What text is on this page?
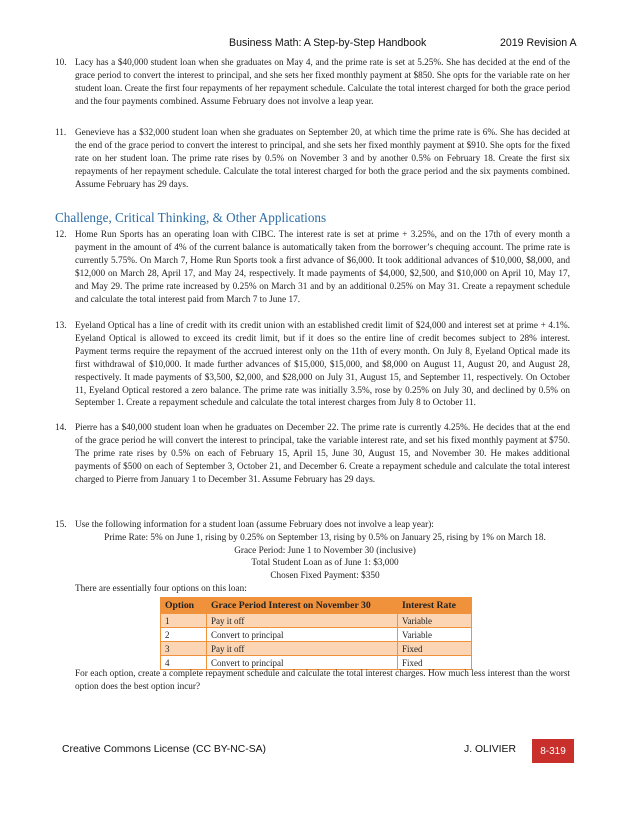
Business Math: A Step-by-Step Handbook	2019 Revision A
10. Lacy has a $40,000 student loan when she graduates on May 4, and the prime rate is set at 5.25%. She has decided at the end of the grace period to convert the interest to principal, and she sets her fixed monthly payment at $850. She opts for the variable rate on her student loan. Create the first four repayments of her repayment schedule. Calculate the total interest charged for both the grace period and the four payments combined. Assume February does not involve a leap year.
11. Genevieve has a $32,000 student loan when she graduates on September 20, at which time the prime rate is 6%. She has decided at the end of the grace period to convert the interest to principal, and she sets her fixed monthly payment at $910. She opts for the fixed rate on her student loan. The prime rate rises by 0.5% on November 3 and by another 0.5% on February 18. Create the first six repayments of her repayment schedule. Calculate the total interest charged for both the grace period and the six payments combined. Assume February has 29 days.
Challenge, Critical Thinking, & Other Applications
12. Home Run Sports has an operating loan with CIBC. The interest rate is set at prime + 3.25%, and on the 17th of every month a payment in the amount of 4% of the current balance is automatically taken from the borrower’s chequing account. The prime rate is currently 5.75%. On March 7, Home Run Sports took a first advance of $6,000. It took additional advances of $10,000, $8,000, and $12,000 on March 28, April 17, and May 24, respectively. It made payments of $4,000, $2,500, and $10,000 on April 10, May 17, and May 29. The prime rate increased by 0.25% on March 31 and by an additional 0.25% on May 31. Create a repayment schedule and calculate the total interest paid from March 7 to June 17.
13. Eyeland Optical has a line of credit with its credit union with an established credit limit of $24,000 and interest set at prime + 4.1%. Eyeland Optical is allowed to exceed its credit limit, but if it does so the entire line of credit becomes subject to 28% interest. Payment terms require the repayment of the accrued interest only on the 11th of every month. On July 8, Eyeland Optical made its first withdrawal of $10,000. It made further advances of $15,000, $15,000, and $8,000 on August 11, August 20, and August 28, respectively. It made payments of $3,500, $2,000, and $28,000 on July 31, August 15, and September 11, respectively. On October 11, Eyeland Optical restored a zero balance. The prime rate was initially 3.5%, rose by 0.25% on July 30, and declined by 0.5% on September 1. Create a repayment schedule and calculate the total interest charges from July 8 to October 11.
14. Pierre has a $40,000 student loan when he graduates on December 22. The prime rate is currently 4.25%. He decides that at the end of the grace period he will convert the interest to principal, take the variable interest rate, and set his fixed monthly payment at $750. The prime rate rises by 0.5% on each of February 15, April 15, June 30, August 15, and November 30. He makes additional payments of $500 on each of September 3, October 21, and December 6. Create a repayment schedule and calculate the total interest charged to Pierre from January 1 to December 31. Assume February has 29 days.
15. Use the following information for a student loan (assume February does not involve a leap year):
Prime Rate: 5% on June 1, rising by 0.25% on September 13, rising by 0.5% on January 25, rising by 1% on March 18.
Grace Period: June 1 to November 30 (inclusive)
Total Student Loan as of June 1: $3,000
Chosen Fixed Payment: $350
There are essentially four options on this loan:
Option	Grace Period Interest on November 30	Interest Rate
1	Pay it off	Variable
2	Convert to principal	Variable
3	Pay it off	Fixed
4	Convert to principal	Fixed
For each option, create a complete repayment schedule and calculate the total interest charges. How much less interest than the worst option does the best option incur?
Creative Commons License (CC BY-NC-SA)	J. OLIVIER	8-319
